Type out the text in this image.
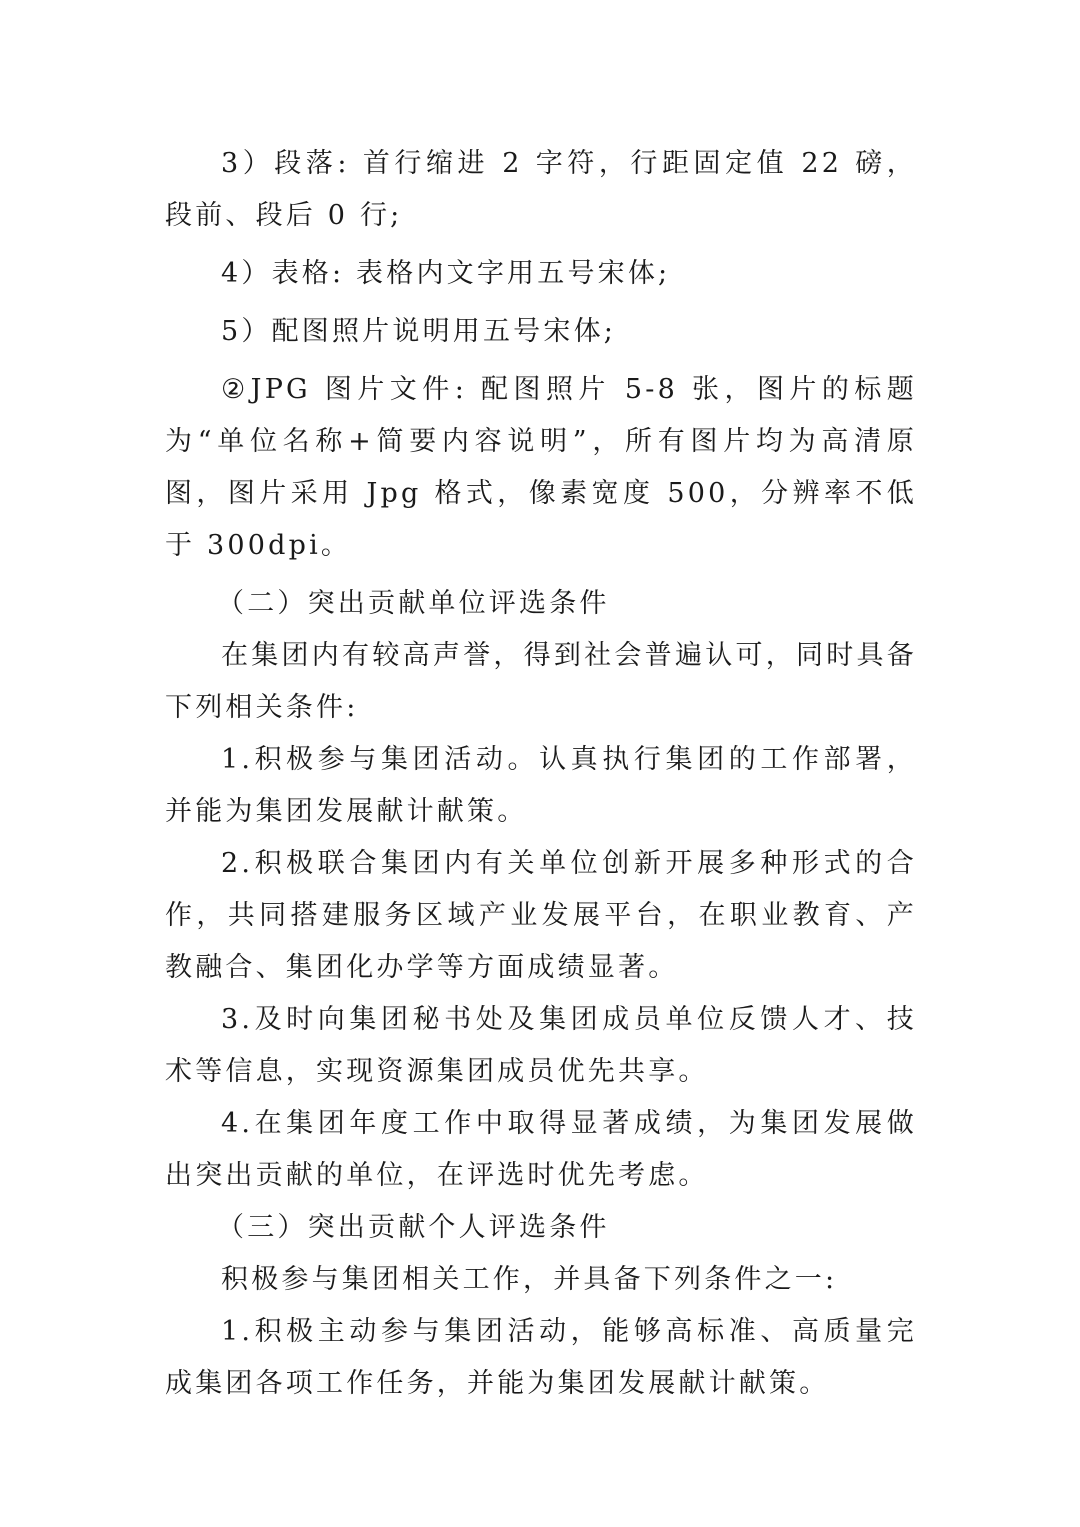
3）段落: 首行缩进 2 字符，行距固定值 22 磅，段前、段后 0 行;

4）表格: 表格内文字用五号宋体;

5）配图照片说明用五号宋体;

②JPG 图片文件: 配图照片 5-8 张，图片的标题为“单位名称+简要内容说明”，所有图片均为高清原图，图片采用 Jpg 格式，像素宽度 500，分辨率不低于 300dpi。

（二）突出贡献单位评选条件

在集团内有较高声誉，得到社会普遍认可，同时具备下列相关条件:

1.积极参与集团活动。认真执行集团的工作部署，并能为集团发展献计献策。

2.积极联合集团内有关单位创新开展多种形式的合作，共同搭建服务区域产业发展平台，在职业教育、产教融合、集团化办学等方面成绩显著。

3.及时向集团秘书处及集团成员单位反馈人才、技术等信息，实现资源集团成员优先共享。

4.在集团年度工作中取得显著成绩，为集团发展做出突出贡献的单位，在评选时优先考虑。

（三）突出贡献个人评选条件

积极参与集团相关工作，并具备下列条件之一:

1.积极主动参与集团活动，能够高标准、高质量完成集团各项工作任务，并能为集团发展献计献策。
